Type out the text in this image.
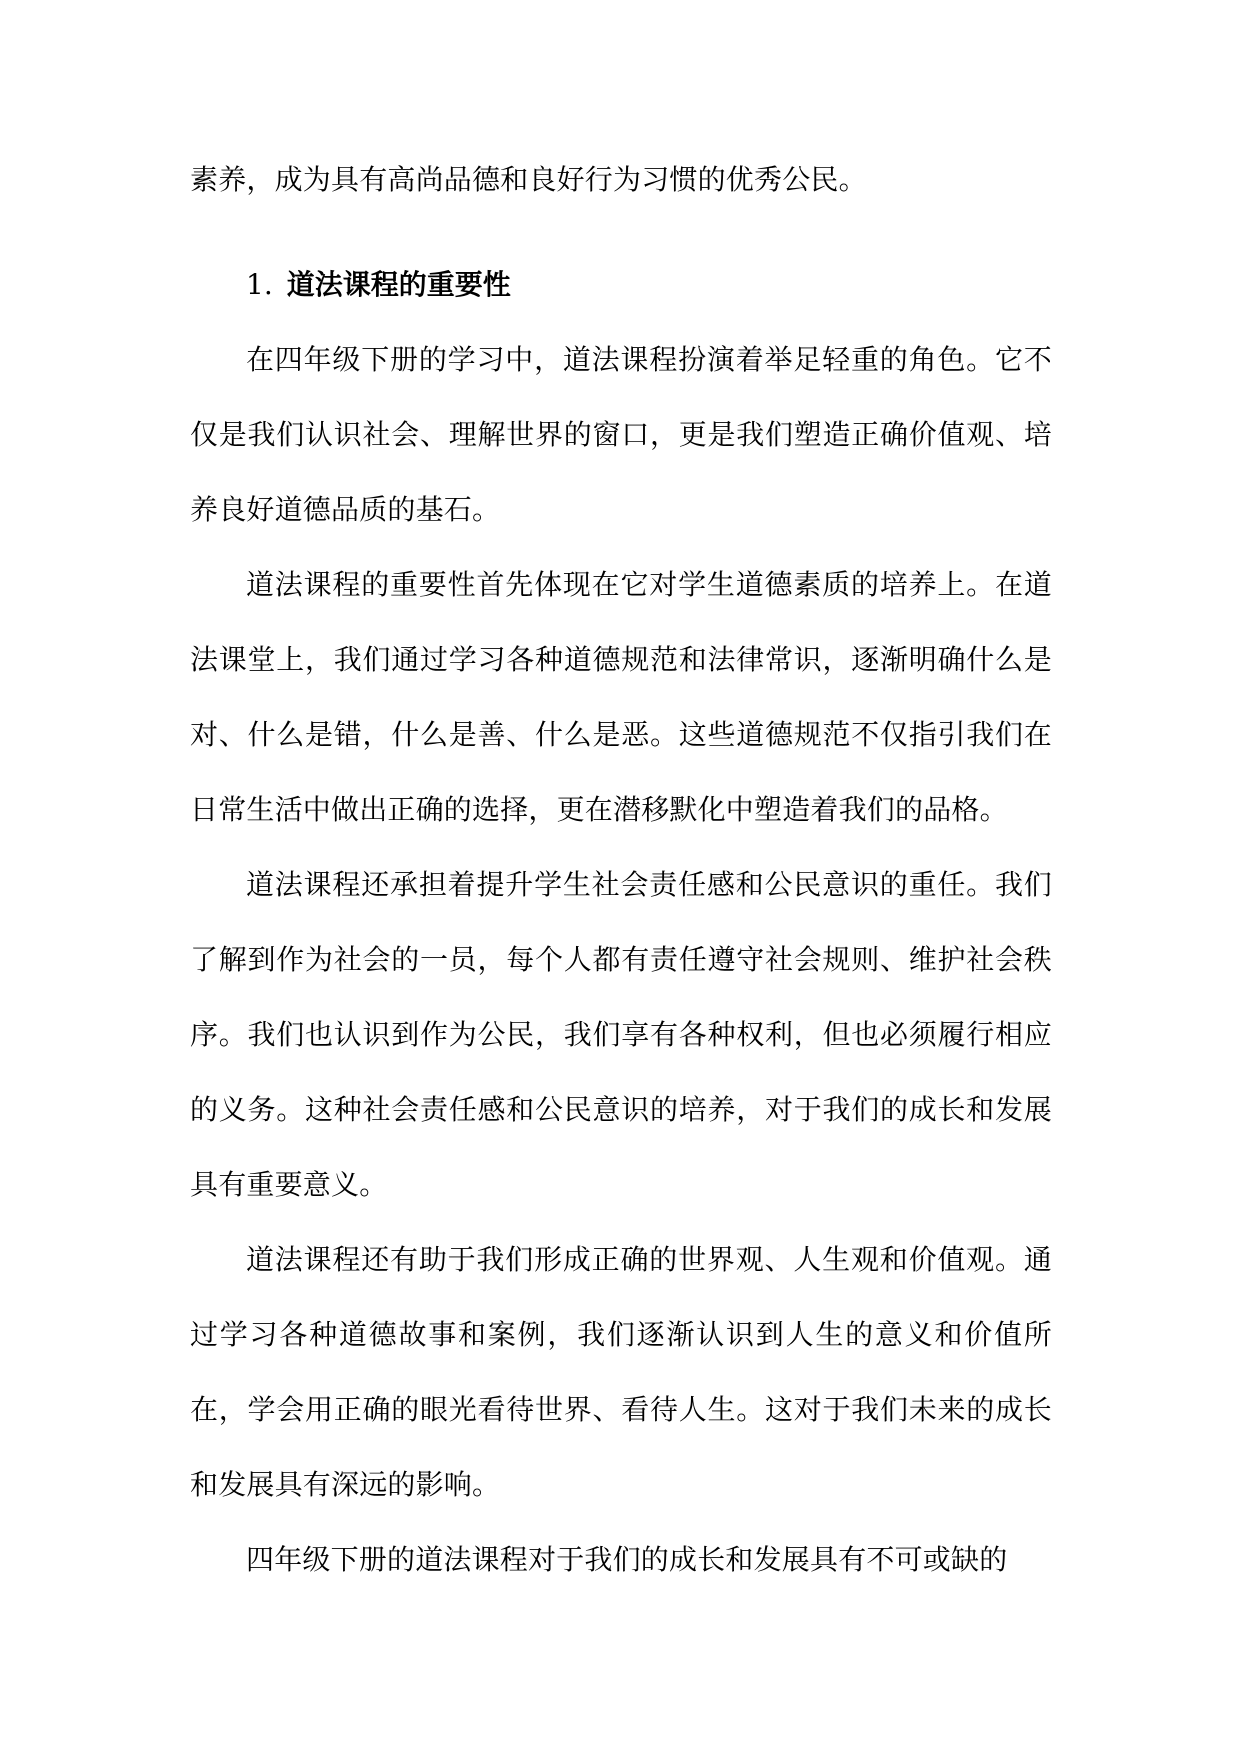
素养，成为具有高尚品德和良好行为习惯的优秀公民。

1. 道法课程的重要性

在四年级下册的学习中，道法课程扮演着举足轻重的角色。它不仅是我们认识社会、理解世界的窗口，更是我们塑造正确价值观、培养良好道德品质的基石。

道法课程的重要性首先体现在它对学生道德素质的培养上。在道法课堂上，我们通过学习各种道德规范和法律常识，逐渐明确什么是对、什么是错，什么是善、什么是恶。这些道德规范不仅指引我们在日常生活中做出正确的选择，更在潜移默化中塑造着我们的品格。

道法课程还承担着提升学生社会责任感和公民意识的重任。我们了解到作为社会的一员，每个人都有责任遵守社会规则、维护社会秩序。我们也认识到作为公民，我们享有各种权利，但也必须履行相应的义务。这种社会责任感和公民意识的培养，对于我们的成长和发展具有重要意义。

道法课程还有助于我们形成正确的世界观、人生观和价值观。通过学习各种道德故事和案例，我们逐渐认识到人生的意义和价值所在，学会用正确的眼光看待世界、看待人生。这对于我们未来的成长和发展具有深远的影响。

四年级下册的道法课程对于我们的成长和发展具有不可或缺的
